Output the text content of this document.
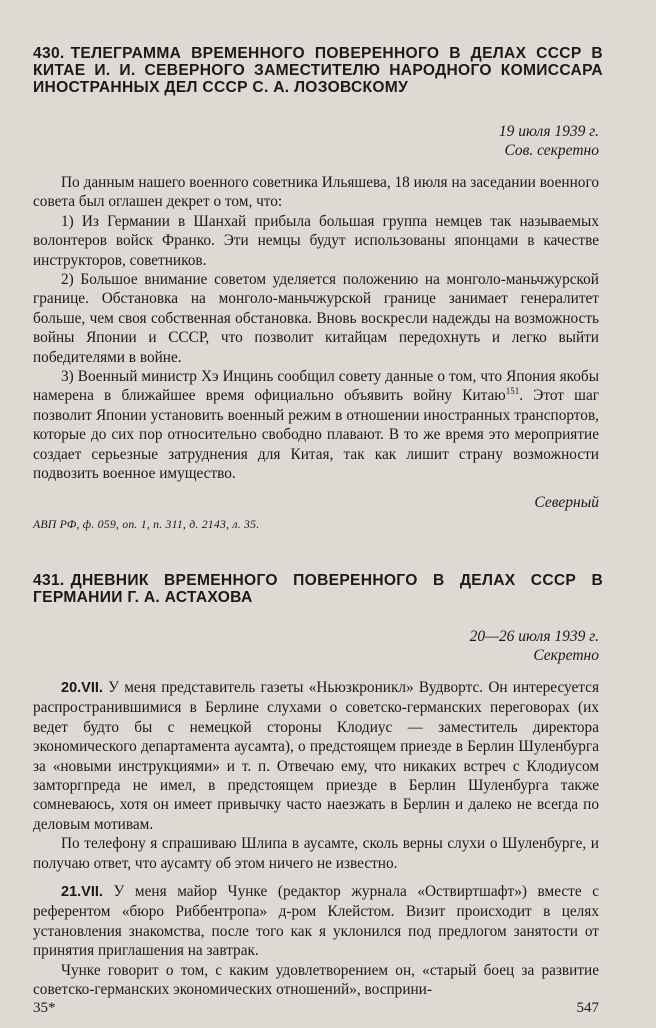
430. ТЕЛЕГРАММА ВРЕМЕННОГО ПОВЕРЕННОГО В ДЕЛАХ СССР В КИТАЕ И. И. СЕВЕРНОГО ЗАМЕСТИТЕЛЮ НАРОДНОГО КОМИССАРА ИНОСТРАННЫХ ДЕЛ СССР С. А. ЛОЗОВСКОМУ
19 июля 1939 г.
Сов. секретно

По данным нашего военного советника Ильяшева, 18 июля на заседании военного совета был оглашен декрет о том, что:

1) Из Германии в Шанхай прибыла большая группа немцев так называемых волонтеров войск Франко. Эти немцы будут использованы японцами в качестве инструкторов, советников.

2) Большое внимание советом уделяется положению на монголо-маньчжурской границе. Обстановка на монголо-маньчжурской границе занимает генералитет больше, чем своя собственная обстановка. Вновь воскресли надежды на возможность войны Японии и СССР, что позволит китайцам передохнуть и легко выйти победителями в войне.

3) Военный министр Хэ Инцинь сообщил совету данные о том, что Япония якобы намерена в ближайшее время официально объявить войну Китаю$^{151}$. Этот шаг позволит Японии установить военный режим в отношении иностранных транспортов, которые до сих пор относительно свободно плавают. В то же время это мероприятие создает серьезные затруднения для Китая, так как лишит страну возможности подвозить военное имущество.

Северный
АВП РФ, ф. 059, оп. 1, п. 311, д. 2143, л. 35.
431. ДНЕВНИК ВРЕМЕННОГО ПОВЕРЕННОГО В ДЕЛАХ СССР В ГЕРМАНИИ Г. А. АСТАХОВА
20—26 июля 1939 г.
Секретно

20.VII. У меня представитель газеты «Ньюзкроникл» Вудвортс. Он интересуется распространившимися в Берлине слухами о советско-германских переговорах (их ведет будто бы с немецкой стороны Клодиус — заместитель директора экономического департамента аусамта), о предстоящем приезде в Берлин Шуленбурга за «новыми инструкциями» и т. п. Отвечаю ему, что никаких встреч с Клодиусом замторгпреда не имел, в предстоящем приезде в Берлин Шуленбурга также сомневаюсь, хотя он имеет привычку часто наезжать в Берлин и далеко не всегда по деловым мотивам.

По телефону я спрашиваю Шлипа в аусамте, сколь верны слухи о Шуленбурге, и получаю ответ, что аусамту об этом ничего не известно.

21.VII. У меня майор Чунке (редактор журнала «Оствиртшафт») вместе с референтом «бюро Риббентропа» д-ром Клейстом. Визит происходит в целях установления знакомства, после того как я уклонился под предлогом занятости от принятия приглашения на завтрак.

Чунке говорит о том, с каким удовлетворением он, «старый боец за развитие советско-германских экономических отношений», восприни-

35*	547
